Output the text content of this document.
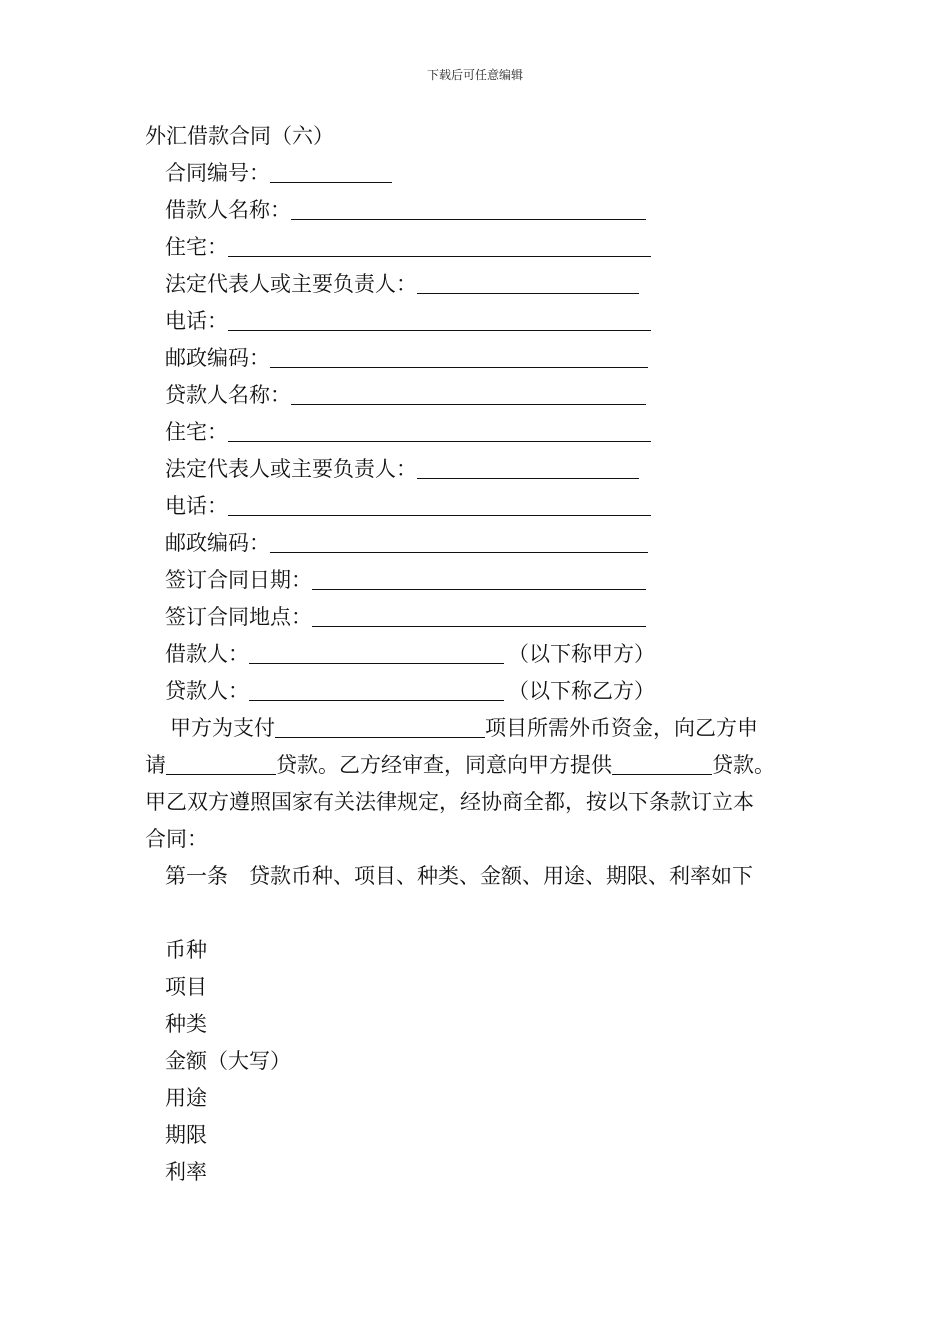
下载后可任意编辑
外汇借款合同（六）
合同编号：
借款人名称：
住宅：
法定代表人或主要负责人：
电话：
邮政编码：
贷款人名称：
住宅：
法定代表人或主要负责人：
电话：
邮政编码：
签订合同日期：
签订合同地点：
借款人：	（以下称甲方）
贷款人：	（以下称乙方）
甲方为支付	项目所需外币资金，向乙方申
请	贷款。乙方经审查，同意向甲方提供	贷款。
甲乙双方遵照国家有关法律规定，经协商全都，按以下条款订立本
合同：
第一条　贷款币种、项目、种类、金额、用途、期限、利率如下
币种
项目
种类
金额（大写）
用途
期限
利率
